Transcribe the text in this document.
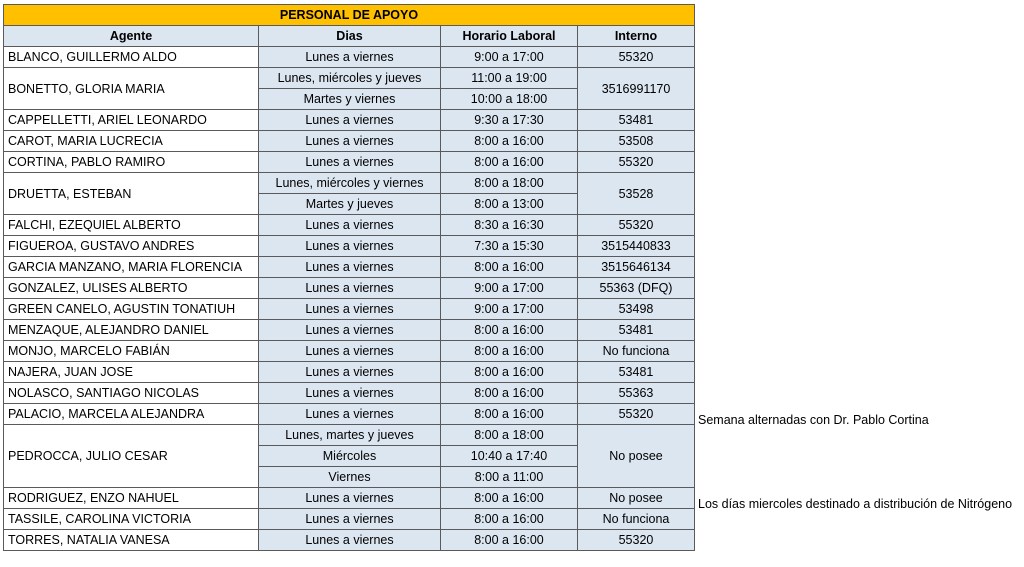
PERSONAL DE APOYO			
Agente	Dias	Horario Laboral	Interno
BLANCO, GUILLERMO ALDO	Lunes a viernes	9:00 a 17:00	55320
BONETTO, GLORIA MARIA	Lunes, miércoles y jueves	11:00 a 19:00	3516991170
	Martes y viernes	10:00 a 18:00	
CAPPELLETTI, ARIEL LEONARDO	Lunes a viernes	9:30 a 17:30	53481
CAROT, MARIA LUCRECIA	Lunes a viernes	8:00 a 16:00	53508
CORTINA, PABLO RAMIRO	Lunes a viernes	8:00 a 16:00	55320
DRUETTA, ESTEBAN	Lunes, miércoles y viernes	8:00 a 18:00	53528
	Martes y jueves	8:00 a 13:00	
FALCHI, EZEQUIEL ALBERTO	Lunes a viernes	8:30 a 16:30	55320
FIGUEROA, GUSTAVO ANDRES	Lunes a viernes	7:30 a 15:30	3515440833
GARCIA MANZANO, MARIA FLORENCIA	Lunes a viernes	8:00 a 16:00	3515646134
GONZALEZ, ULISES ALBERTO	Lunes a viernes	9:00 a 17:00	55363 (DFQ)
GREEN CANELO, AGUSTIN TONATIUH	Lunes a viernes	9:00 a 17:00	53498
MENZAQUE, ALEJANDRO DANIEL	Lunes a viernes	8:00 a 16:00	53481
MONJO, MARCELO FABIÁN	Lunes a viernes	8:00 a 16:00	No funciona
NAJERA, JUAN JOSE	Lunes a viernes	8:00 a 16:00	53481
NOLASCO, SANTIAGO NICOLAS	Lunes a viernes	8:00 a 16:00	55363
PALACIO, MARCELA ALEJANDRA	Lunes a viernes	8:00 a 16:00	55320
PEDROCCA, JULIO CESAR	Lunes, martes y jueves	8:00 a 18:00	No posee
	Miércoles	10:40 a 17:40	
	Viernes	8:00 a 11:00	
RODRIGUEZ, ENZO NAHUEL	Lunes a viernes	8:00 a 16:00	No posee
TASSILE, CAROLINA VICTORIA	Lunes a viernes	8:00 a 16:00	No funciona
TORRES, NATALIA VANESA	Lunes a viernes	8:00 a 16:00	55320
Semana alternadas con Dr. Pablo Cortina
Los días miercoles destinado a distribución de Nitrógeno
